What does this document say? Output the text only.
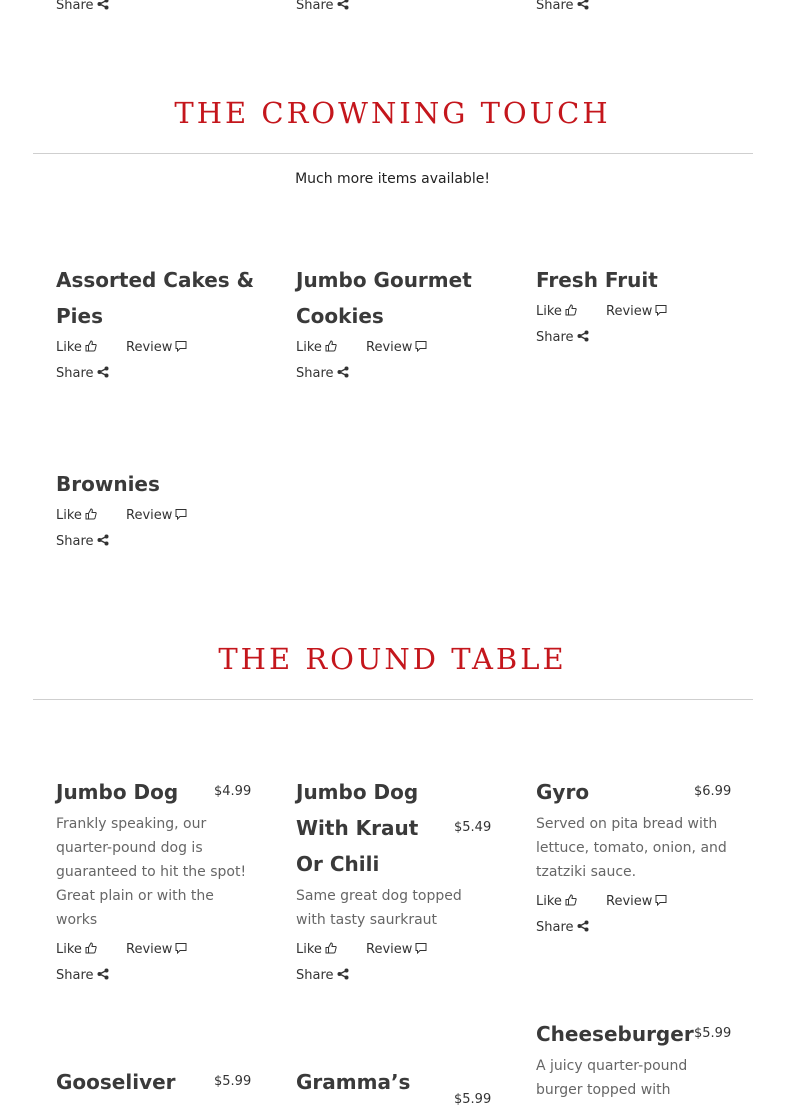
Share	Share	Share
THE CROWNING TOUCH
Much more items available!
Assorted Cakes & Pies
Like	Review
Share
Jumbo Gourmet Cookies
Like	Review
Share
Fresh Fruit
Like	Review
Share
Brownies
Like	Review
Share
THE ROUND TABLE
Jumbo Dog	$4.99
Frankly speaking, our quarter-pound dog is guaranteed to hit the spot! Great plain or with the works
Like	Review
Share
Jumbo Dog With Kraut Or Chili
$5.49
Same great dog topped with tasty saurkraut
Like	Review
Share
Gyro	$6.99
Served on pita bread with lettuce, tomato, onion, and tzatziki sauce.
Like	Review
Share
Cheeseburger $5.99
A juicy quarter-pound burger topped with
Gooseliver	$5.99 Gramma’s
$5.99
